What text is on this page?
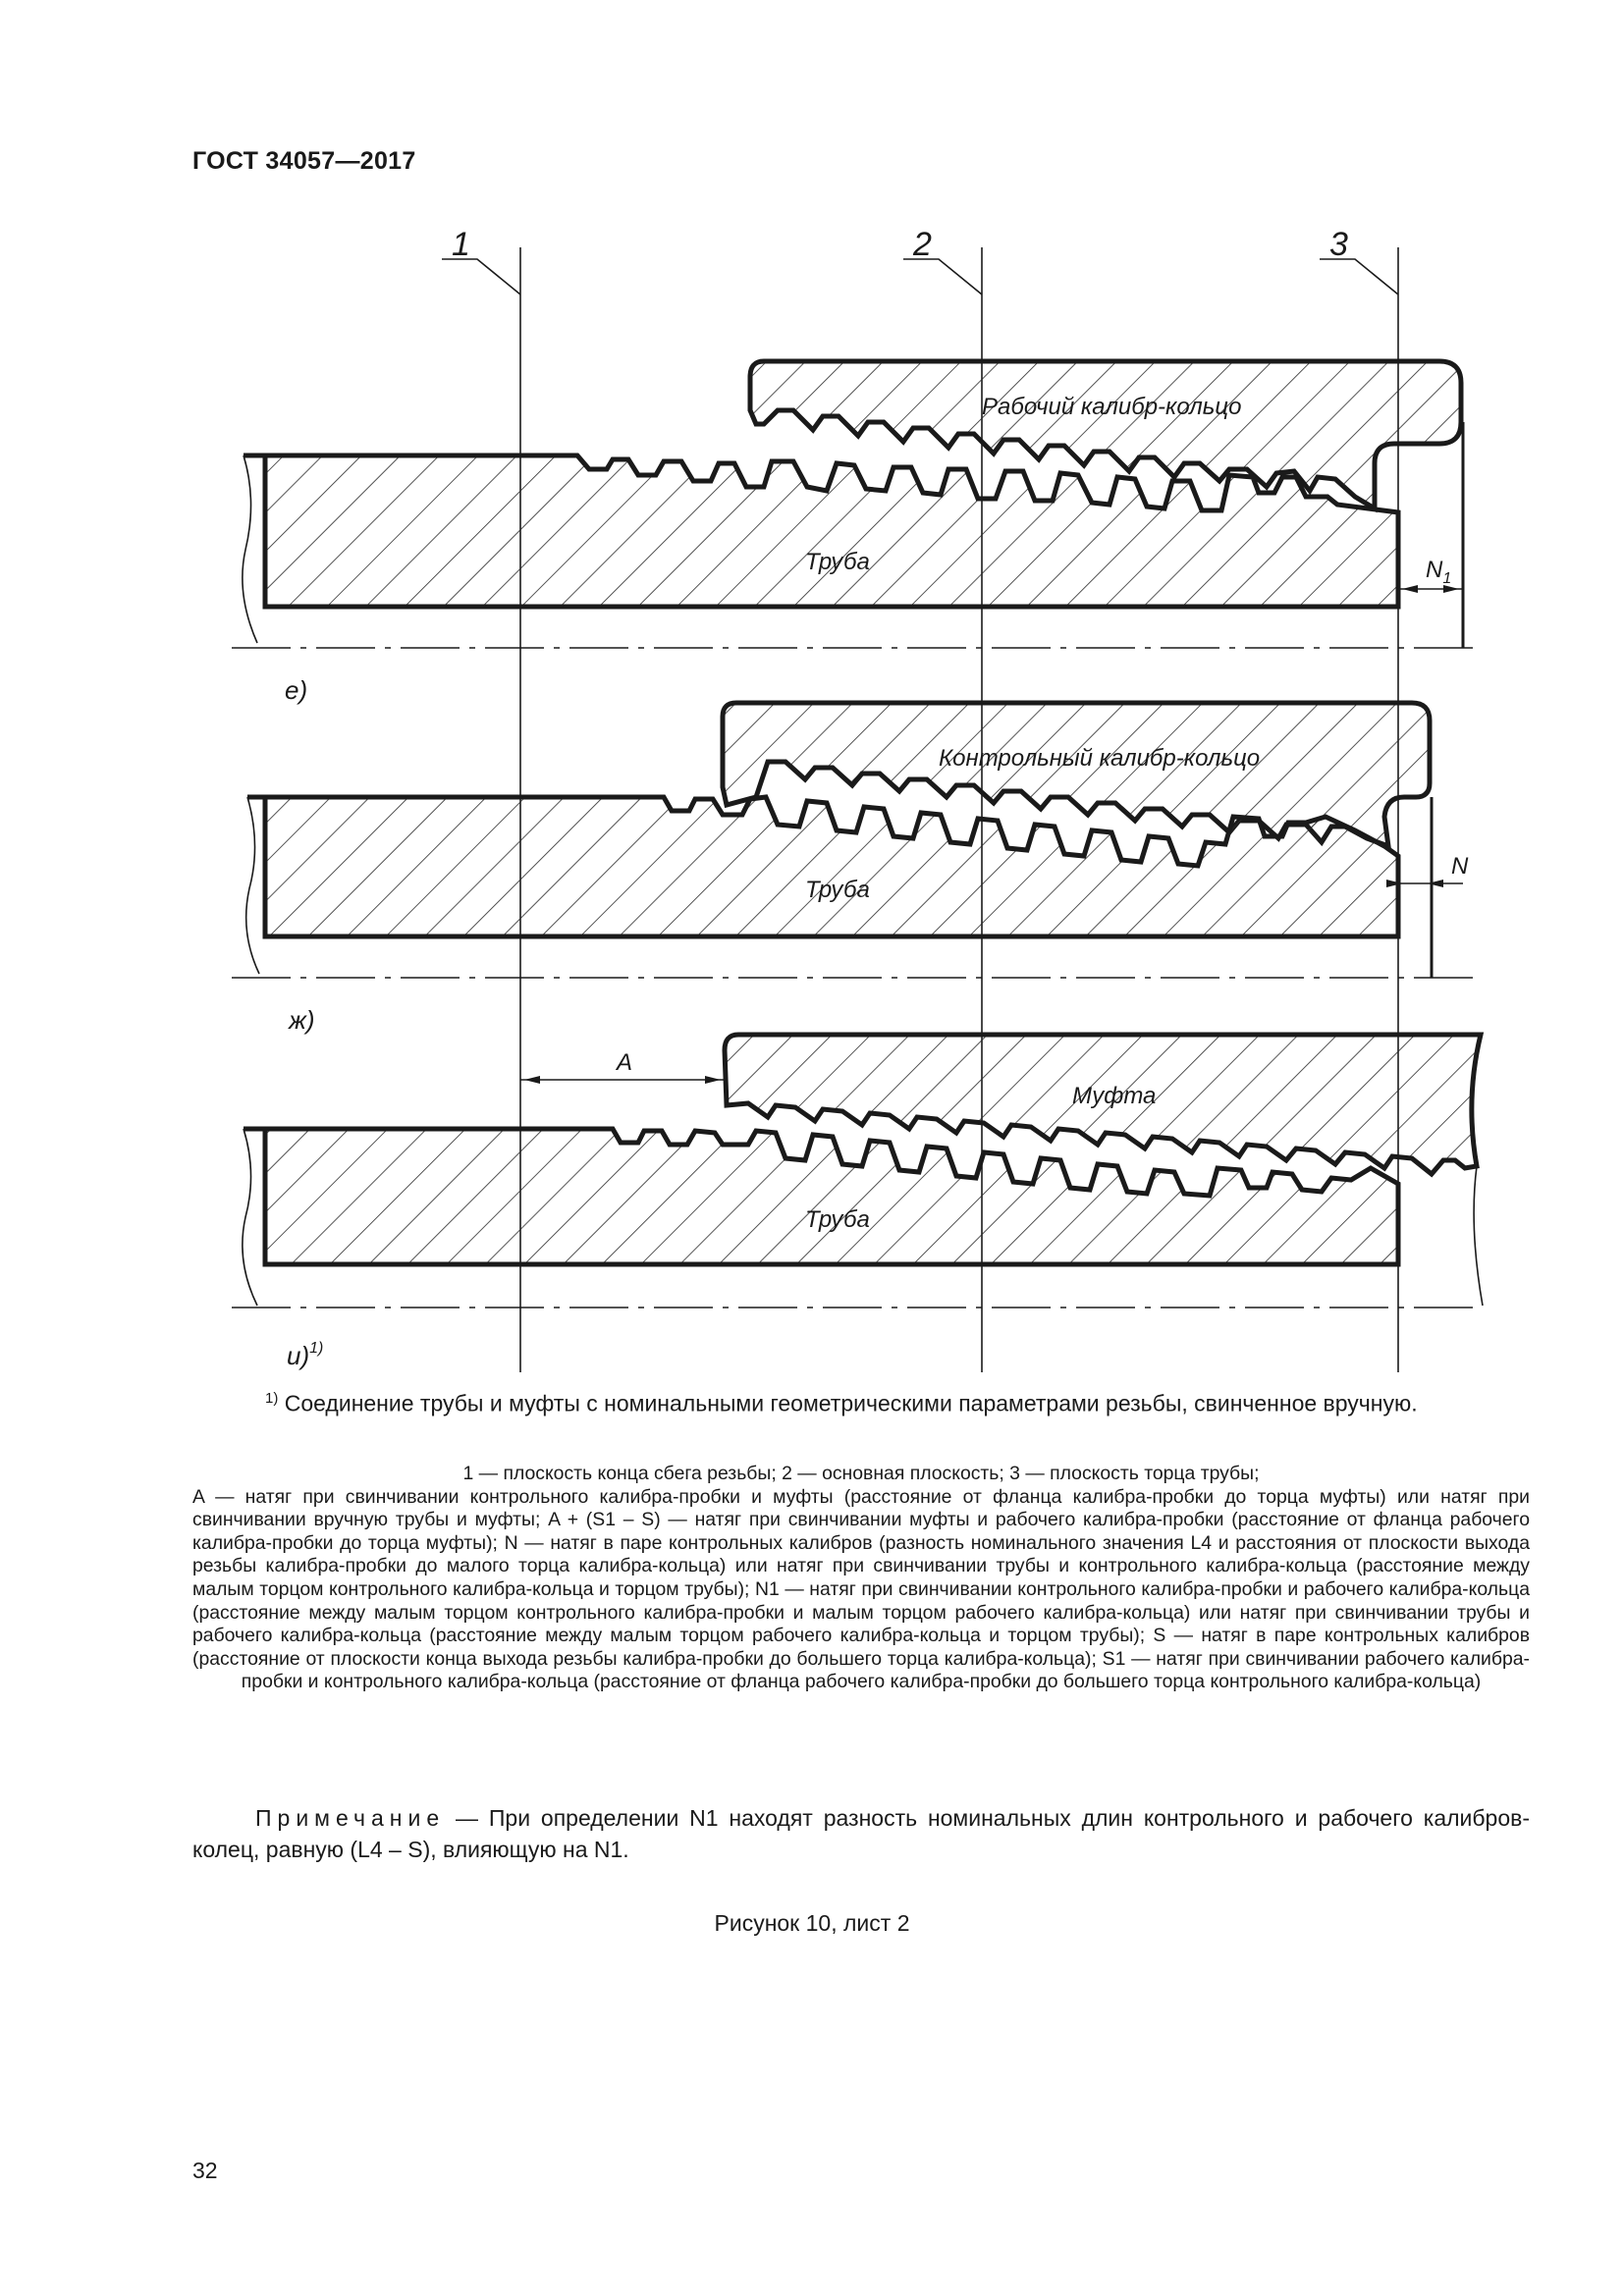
ГОСТ 34057—2017
1	2	3
$N_1$
Рабочий калибр-кольцо
Труба
е)
N
Контрольный калибр-кольцо
Труба
ж)
A
Муфта
Труба
и)$^{1)}$
$^{1)}$ Соединение трубы и муфты с номинальными геометрическими параметрами резьбы, свинченное вручную.
1 — плоскость конца сбега резьбы; 2 — основная плоскость; 3 — плоскость торца трубы;
A — натяг при свинчивании контрольного калибра-пробки и муфты (расстояние от фланца калибра-пробки до торца муфты) или натяг при свинчивании вручную трубы и муфты; A + (S1 – S) — натяг при свинчивании муфты и рабочего калибра-пробки (расстояние от фланца рабочего калибра-пробки до торца муфты); N — натяг в паре контрольных калибров (разность номинального значения L4 и расстояния от плоскости выхода резьбы калибра-пробки до малого торца калибра-кольца) или натяг при свинчивании трубы и контрольного калибра-кольца (расстояние между малым торцом контрольного калибра-кольца и торцом трубы); N1 — натяг при свинчивании контрольного калибра-пробки и рабочего калибра-кольца (расстояние между малым торцом контрольного калибра-пробки и малым торцом рабочего калибра-кольца) или натяг при свинчивании трубы и рабочего калибра-кольца (расстояние между малым торцом рабочего калибра-кольца и торцом трубы); S — натяг в паре контрольных калибров (расстояние от плоскости конца выхода резьбы калибра-пробки до большего торца калибра-кольца); S1 — натяг при свинчивании рабочего калибра-пробки и контрольного калибра-кольца (расстояние от фланца рабочего калибра-пробки до большего торца контрольного калибра-кольца)
Примечание — При определении N1 находят разность номинальных длин контрольного и рабочего калибров-колец, равную (L4 – S), влияющую на N1.
Рисунок 10, лист 2
32
